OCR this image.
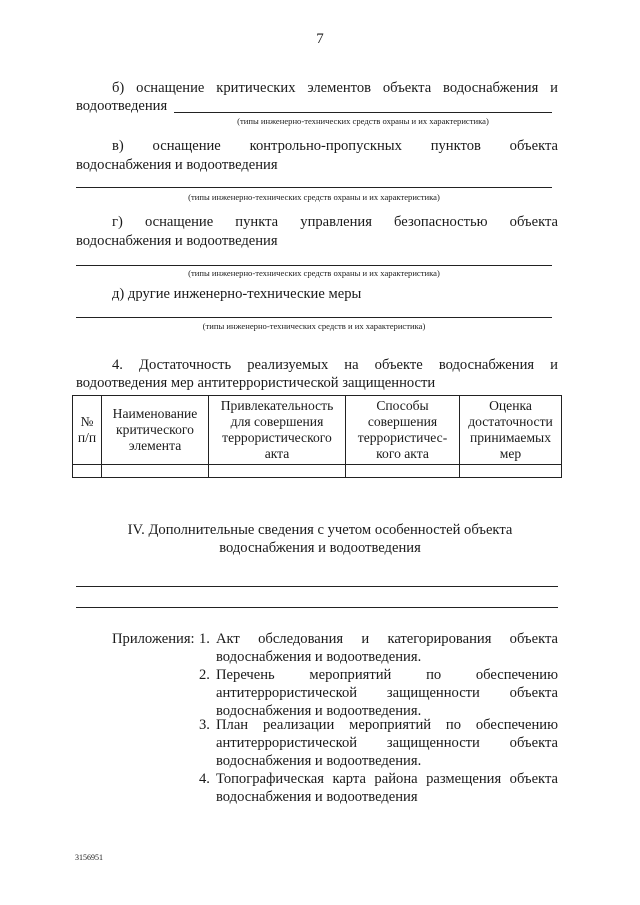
7
б) оснащение критических элементов объекта водоснабжения и
водоотведения
(типы инженерно-технических средств охраны и их характеристика)
в) оснащение контрольно-пропускных пунктов объекта
водоснабжения и водоотведения
(типы инженерно-технических средств охраны и их характеристика)
г) оснащение пункта управления безопасностью объекта
водоснабжения и водоотведения
(типы инженерно-технических средств охраны и их характеристика)
д) другие инженерно-технические меры
(типы инженерно-технических средств и их характеристика)
4. Достаточность реализуемых на объекте водоснабжения и
водоотведения мер антитеррористической защищенности
№
п/п	Наименование
критического
элемента	Привлекательность
для совершения
террористического
акта	Способы
совершения
террористичес-
кого акта	Оценка
достаточности
принимаемых
мер

IV. Дополнительные сведения с учетом особенностей объекта
водоснабжения и водоотведения
Приложения: 1. Акт обследования и категорирования объекта
водоснабжения и водоотведения.
2. Перечень мероприятий по обеспечению
антитеррористической защищенности объекта
водоснабжения и водоотведения.
3. План реализации мероприятий по обеспечению
антитеррористической защищенности объекта
водоснабжения и водоотведения.
4. Топографическая карта района размещения объекта
водоснабжения и водоотведения
3156951
